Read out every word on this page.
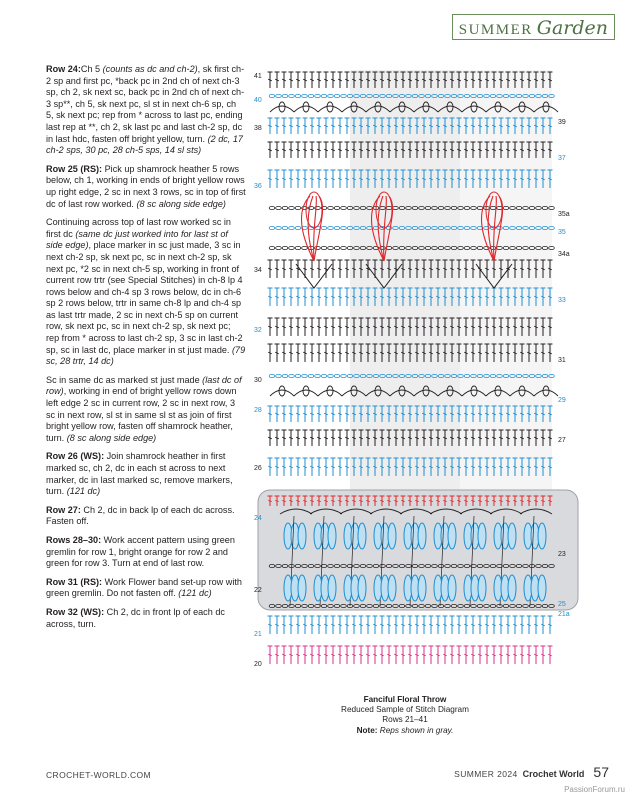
SUMMER Garden

Row 24:Ch 5 (counts as dc and ch-2), sk first ch-2 sp and first pc, *back pc in 2nd ch of next ch-3 sp, ch 2, sk next sc, back pc in 2nd ch of next ch-3 sp**, ch 5, sk next pc, sl st in next ch-6 sp, ch 5, sk next pc; rep from * across to last pc, ending last rep at **, ch 2, sk last pc and last ch-2 sp, dc in last hdc, fasten off bright yellow, turn. (2 dc, 17 ch-2 sps, 30 pc, 28 ch-5 sps, 14 sl sts)

Row 25 (RS): Pick up shamrock heather 5 rows below, ch 1, working in ends of bright yellow rows up right edge, 2 sc in next 3 rows, sc in top of first dc of last row worked. (8 sc along side edge)

Continuing across top of last row worked sc in first dc (same dc just worked into for last st of side edge), place marker in sc just made, 3 sc in next ch-2 sp, sk next pc, sc in next ch-2 sp, sk next pc, *2 sc in next ch-5 sp, working in front of current row trtr (see Special Stitches) in ch-8 lp 4 rows below and ch-4 sp 3 rows below, dc in ch-6 sp 2 rows below, trtr in same ch-8 lp and ch-4 sp as last trtr made, 2 sc in next ch-5 sp on current row, sk next pc, sc in next ch-2 sp, sk next pc; rep from * across to last ch-2 sp, 3 sc in last ch-2 sp, sc in last dc, place marker in st just made. (79 sc, 28 trtr, 14 dc)

Sc in same dc as marked st just made (last dc of row), working in end of bright yellow rows down left edge 2 sc in current row, 2 sc in next row, 3 sc in next row, sl st in same sl st as join of first bright yellow row, fasten off shamrock heather, turn. (8 sc along side edge)

Row 26 (WS): Join shamrock heather in first marked sc, ch 2, dc in each st across to next marker, dc in last marked sc, remove markers, turn. (121 dc)

Row 27: Ch 2, dc in back lp of each dc across. Fasten off.

Rows 28–30: Work accent pattern using green gremlin for row 1, bright orange for row 2 and green for row 3. Turn at end of last row.

Row 31 (RS): Work Flower band set-up row with green gremlin. Do not fasten off. (121 dc)

Row 32 (WS): Ch 2, dc in front lp of each dc across, turn.

41
40
38
36
34
32
30
28
26
24
22
21
20
39
37
35a
35
34a
33
31
29
27
25
23
21a
Fanciful Floral Throw
Reduced Sample of Stitch Diagram
Rows 21–41
Note: Reps shown in gray.
CROCHET-WORLD.COM	SUMMER 2024 Crochet World 57
PassionForum.ru
